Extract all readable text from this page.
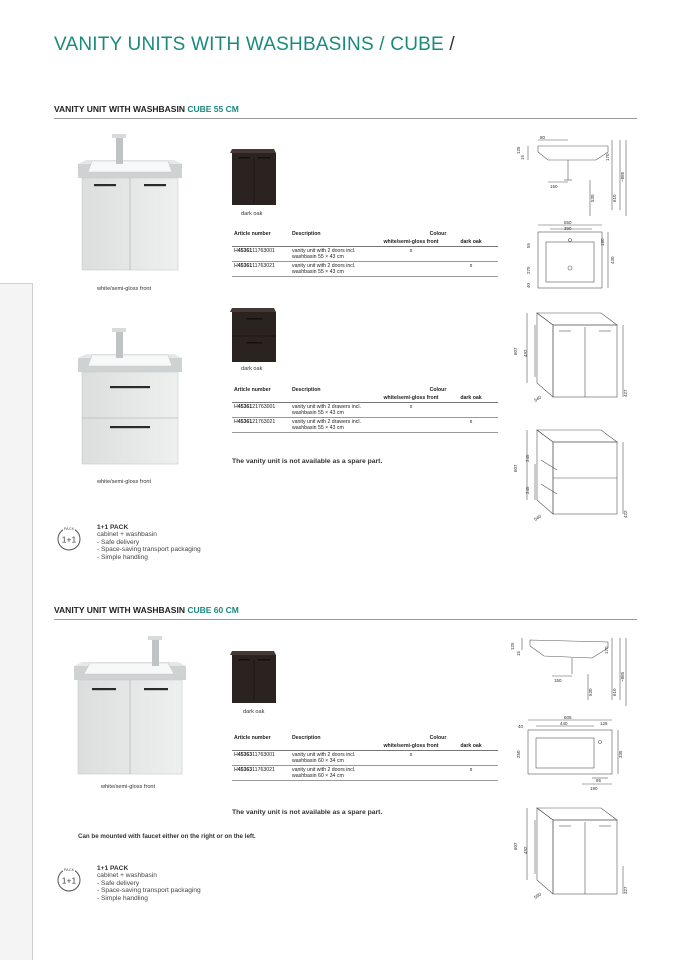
VANITY UNITS WITH WASHBASINS / CUBE /
VANITY UNIT WITH WASHBASIN CUBE 55 CM
white/semi-gloss front
dark oak
Article number	Description	Colour	
		white/semi-gloss front	dark oak
H4536111763001	vanity unit with 2 doors incl.
washbasin 55 × 43 cm	x	
H4536111763021	vanity unit with 2 doors incl.
washbasin 55 × 43 cm		x
white/semi-gloss front
dark oak
Article number	Description	Colour	
		white/semi-gloss front	dark oak
H4536121763001	vanity unit with 2 drawers incl.
washbasin 55 × 43 cm	x	
H4536121763021	vanity unit with 2 drawers incl.
washbasin 55 × 43 cm		x
The vanity unit is not available as a spare part.
PACK
1+1
1+1 PACK
cabinet + washbasin
- Safe delivery
- Space-saving transport packaging
- Simple handling
80
125
15	170
150
530	610
~885
550
390
55	180
430
275
40
607 492
540
427
607
245
245
540	422
VANITY UNIT WITH WASHBASIN CUBE 60 CM
white/semi-gloss front
dark oak
Article number	Description	Colour	
		white/semi-gloss front	dark oak
H4536311763001	vanity unit with 2 doors incl.
washbasin 60 × 34 cm	x	
H4536311763021	vanity unit with 2 doors incl.
washbasin 60 × 34 cm		x
The vanity unit is not available as a spare part.
Can be mounted with faucet either on the right or on the left.
PACK
1+1
1+1 PACK
cabinet + washbasin
- Safe delivery
- Space-saving transport packaging
- Simple handling
125
15	170
150
530	610
~885
605
440	125
40
250	335
65
190
607
492
590
327
